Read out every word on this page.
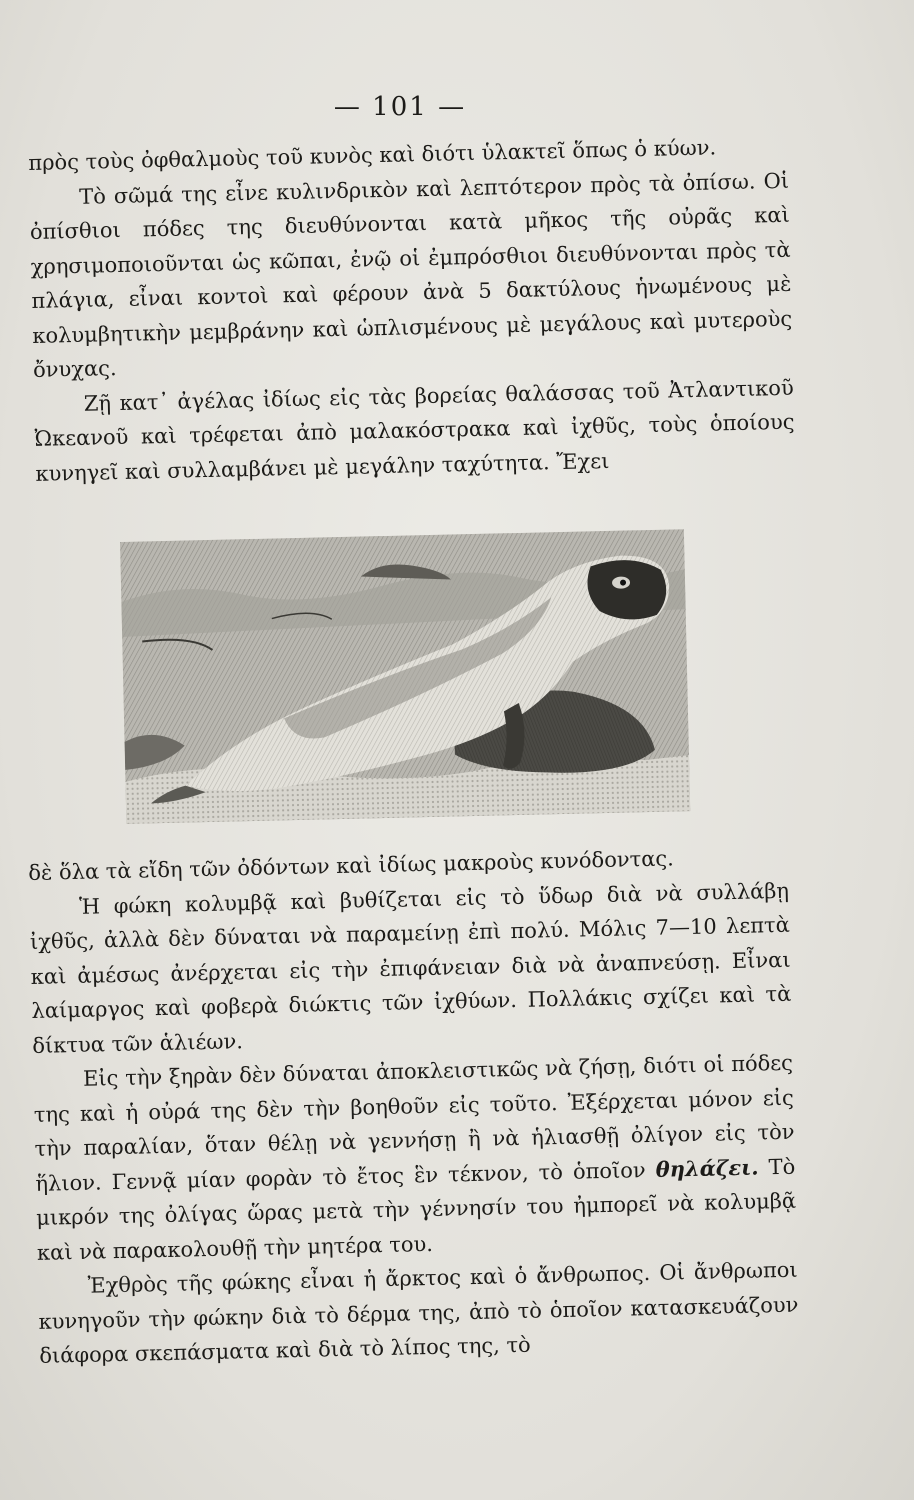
— 101 —

πρὸς τοὺς ὀφθαλμοὺς τοῦ κυνὸς καὶ διότι ὑλακτεῖ ὅπως ὁ κύων.

Τὸ σῶμά της εἶνε κυλινδρικὸν καὶ λεπτότερον πρὸς τὰ ὀπίσω. Οἱ ὀπίσθιοι πόδες της διευθύνονται κατὰ μῆκος τῆς οὐρᾶς καὶ χρησιμοποιοῦνται ὡς κῶπαι, ἐνῷ οἱ ἐμπρόσθιοι διευθύνονται πρὸς τὰ πλάγια, εἶναι κοντοὶ καὶ φέρουν ἀνὰ 5 δακτύλους ἡνωμένους μὲ κολυμβητικὴν μεμβράνην καὶ ὡπλισμένους μὲ μεγάλους καὶ μυτεροὺς ὄνυχας.

Ζῇ κατ᾿ ἀγέλας ἰδίως εἰς τὰς βορείας θαλάσσας τοῦ Ἀτλαντικοῦ Ὠκεανοῦ καὶ τρέφεται ἀπὸ μαλακόστρακα καὶ ἰχθῦς, τοὺς ὁποίους κυνηγεῖ καὶ συλλαμβάνει μὲ μεγάλην ταχύτητα. Ἔχει

δὲ ὅλα τὰ εἴδη τῶν ὀδόντων καὶ ἰδίως μακροὺς κυνόδοντας.

Ἡ φώκη κολυμβᾷ καὶ βυθίζεται εἰς τὸ ὕδωρ διὰ νὰ συλλάβῃ ἰχθῦς, ἀλλὰ δὲν δύναται νὰ παραμείνῃ ἐπὶ πολύ. Μόλις 7—10 λεπτὰ καὶ ἀμέσως ἀνέρχεται εἰς τὴν ἐπιφάνειαν διὰ νὰ ἀναπνεύσῃ. Εἶναι λαίμαργος καὶ φοβερὰ διώκτις τῶν ἰχθύων. Πολλάκις σχίζει καὶ τὰ δίκτυα τῶν ἁλιέων.

Εἰς τὴν ξηρὰν δὲν δύναται ἀποκλειστικῶς νὰ ζήσῃ, διότι οἱ πόδες της καὶ ἡ οὐρά της δὲν τὴν βοηθοῦν εἰς τοῦτο. Ἐξέρχεται μόνον εἰς τὴν παραλίαν, ὅταν θέλῃ νὰ γεννήσῃ ἢ νὰ ἡλιασθῇ ὀλίγον εἰς τὸν ἥλιον. Γεννᾷ μίαν φορὰν τὸ ἔτος ἓν τέκνον, τὸ ὁποῖον θηλάζει. Τὸ μικρόν της ὀλίγας ὥρας μετὰ τὴν γέννησίν του ἠμπορεῖ νὰ κολυμβᾷ καὶ νὰ παρακολουθῇ τὴν μητέρα του.

Ἐχθρὸς τῆς φώκης εἶναι ἡ ἄρκτος καὶ ὁ ἄνθρωπος. Οἱ ἄνθρωποι κυνηγοῦν τὴν φώκην διὰ τὸ δέρμα της, ἀπὸ τὸ ὁποῖον κατασκευάζουν διάφορα σκεπάσματα καὶ διὰ τὸ λίπος της, τὸ
